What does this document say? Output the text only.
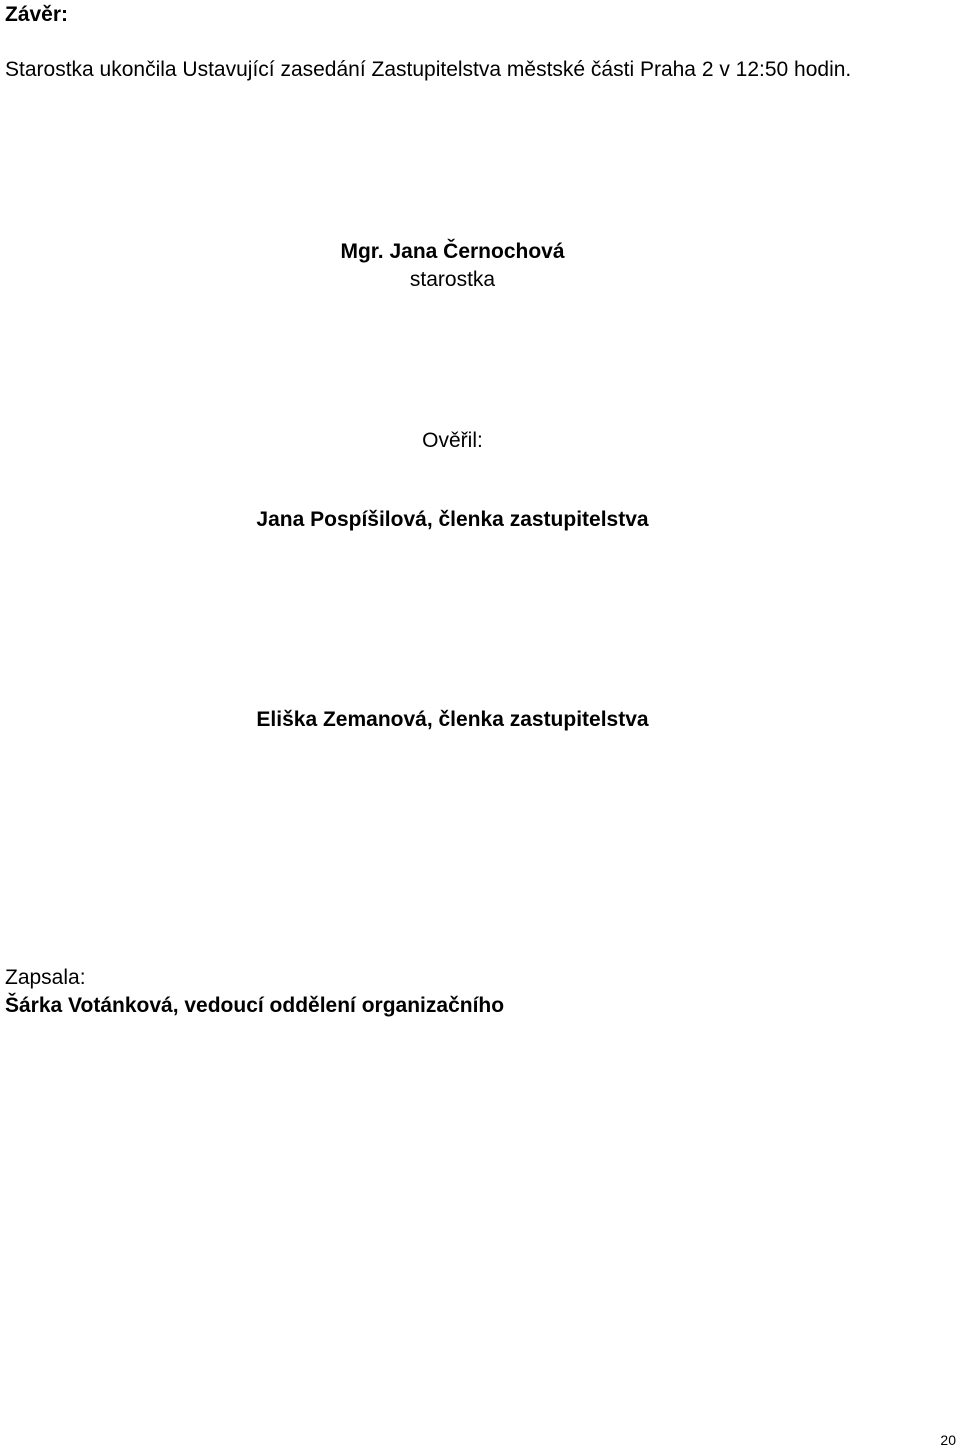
Závěr:
Starostka ukončila Ustavující zasedání Zastupitelstva městské části Praha 2 v 12:50 hodin.
Mgr. Jana Černochová
starostka
Ověřil:
Jana Pospíšilová, členka zastupitelstva
Eliška Zemanová, členka zastupitelstva
Zapsala:
Šárka Votánková, vedoucí oddělení organizačního
20
